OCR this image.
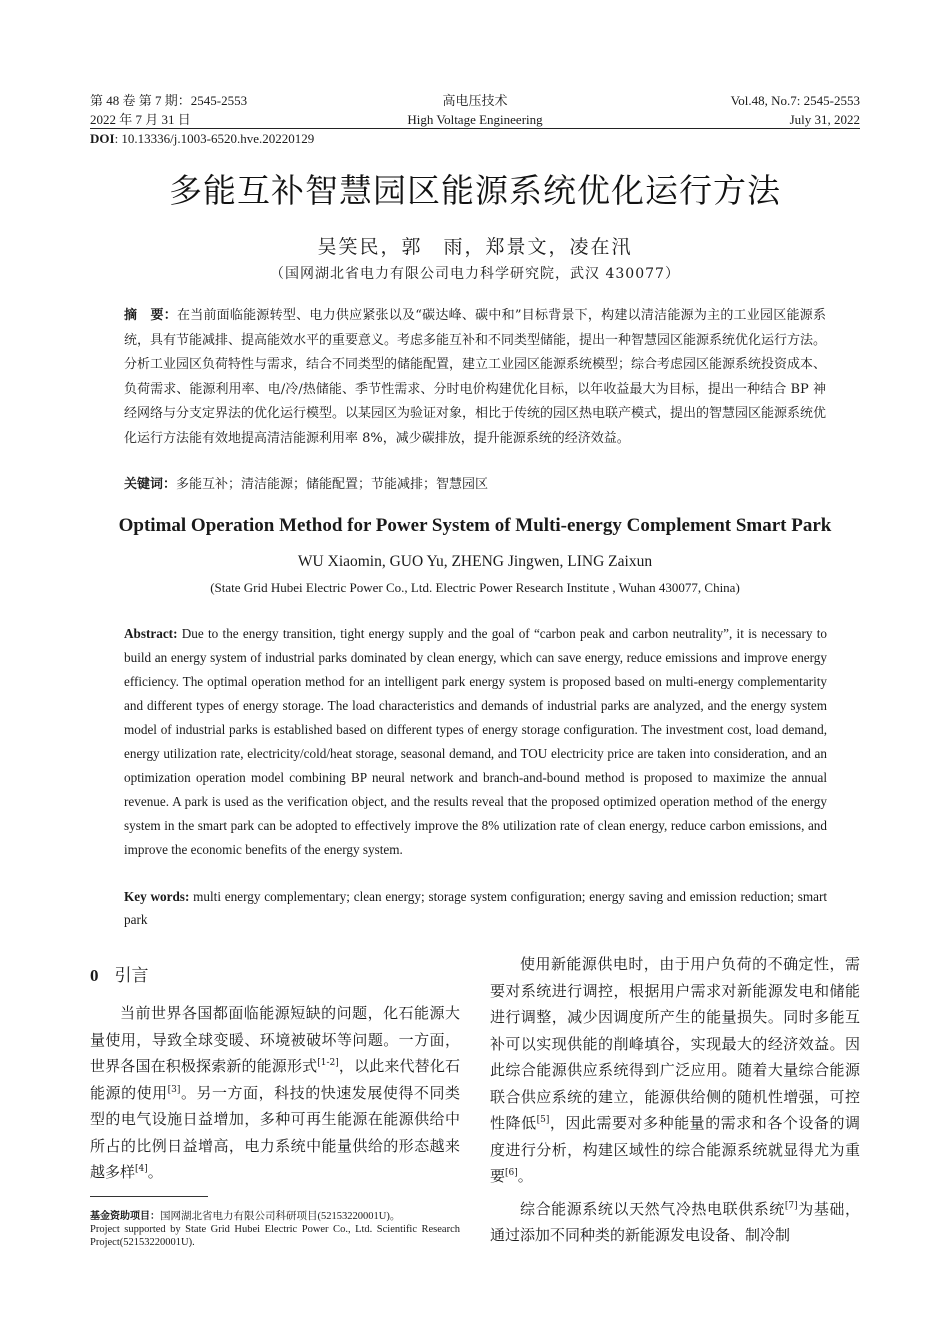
第 48 卷 第 7 期：2545-2553
2022 年 7 月 31 日
高电压技术
High Voltage Engineering
Vol.48, No.7: 2545-2553
July 31, 2022
DOI: 10.13336/j.1003-6520.hve.20220129
多能互补智慧园区能源系统优化运行方法
吴笑民，郭　雨，郑景文，凌在汛
（国网湖北省电力有限公司电力科学研究院，武汉 430077）
摘　要：在当前面临能源转型、电力供应紧张以及“碳达峰、碳中和”目标背景下，构建以清洁能源为主的工业园区能源系统，具有节能减排、提高能效水平的重要意义。考虑多能互补和不同类型储能，提出一种智慧园区能源系统优化运行方法。分析工业园区负荷特性与需求，结合不同类型的储能配置，建立工业园区能源系统模型；综合考虑园区能源系统投资成本、负荷需求、能源利用率、电/冷/热储能、季节性需求、分时电价构建优化目标，以年收益最大为目标，提出一种结合 BP 神经网络与分支定界法的优化运行模型。以某园区为验证对象，相比于传统的园区热电联产模式，提出的智慧园区能源系统优化运行方法能有效地提高清洁能源利用率 8%，减少碳排放，提升能源系统的经济效益。
关键词：多能互补；清洁能源；储能配置；节能减排；智慧园区
Optimal Operation Method for Power System of Multi-energy Complement Smart Park
WU Xiaomin, GUO Yu, ZHENG Jingwen, LING Zaixun
(State Grid Hubei Electric Power Co., Ltd. Electric Power Research Institute , Wuhan 430077, China)
Abstract: Due to the energy transition, tight energy supply and the goal of “carbon peak and carbon neutrality”, it is necessary to build an energy system of industrial parks dominated by clean energy, which can save energy, reduce emissions and improve energy efficiency. The optimal operation method for an intelligent park energy system is proposed based on multi-energy complementarity and different types of energy storage. The load characteristics and demands of industrial parks are analyzed, and the energy system model of industrial parks is established based on different types of energy storage configuration. The investment cost, load demand, energy utilization rate, electricity/cold/heat storage, seasonal demand, and TOU electricity price are taken into consideration, and an optimization operation model combining BP neural network and branch-and-bound method is proposed to maximize the annual revenue. A park is used as the verification object, and the results reveal that the proposed optimized operation method of the energy system in the smart park can be adopted to effectively improve the 8% utilization rate of clean energy, reduce carbon emissions, and improve the economic benefits of the energy system.
Key words: multi energy complementary; clean energy; storage system configuration; energy saving and emission reduction; smart park
0 引言

当前世界各国都面临能源短缺的问题，化石能源大量使用，导致全球变暖、环境被破坏等问题。一方面，世界各国在积极探索新的能源形式[1-2]，以此来代替化石能源的使用[3]。另一方面，科技的快速发展使得不同类型的电气设施日益增加，多种可再生能源在能源供给中所占的比例日益增高，电力系统中能量供给的形态越来越多样[4]。

使用新能源供电时，由于用户负荷的不确定性，需要对系统进行调控，根据用户需求对新能源发电和储能进行调整，减少因调度所产生的能量损失。同时多能互补可以实现供能的削峰填谷，实现最大的经济效益。因此综合能源供应系统得到广泛应用。随着大量综合能源联合供应系统的建立，能源供给侧的随机性增强，可控性降低[5]，因此需要对多种能量的需求和各个设备的调度进行分析，构建区域性的综合能源系统就显得尤为重要[6]。

综合能源系统以天然气冷热电联供系统[7]为基础，通过添加不同种类的新能源发电设备、制冷制

基金资助项目：国网湖北省电力有限公司科研项目(52153220001U)。
Project supported by State Grid Hubei Electric Power Co., Ltd. Scientific Research Project(52153220001U).
